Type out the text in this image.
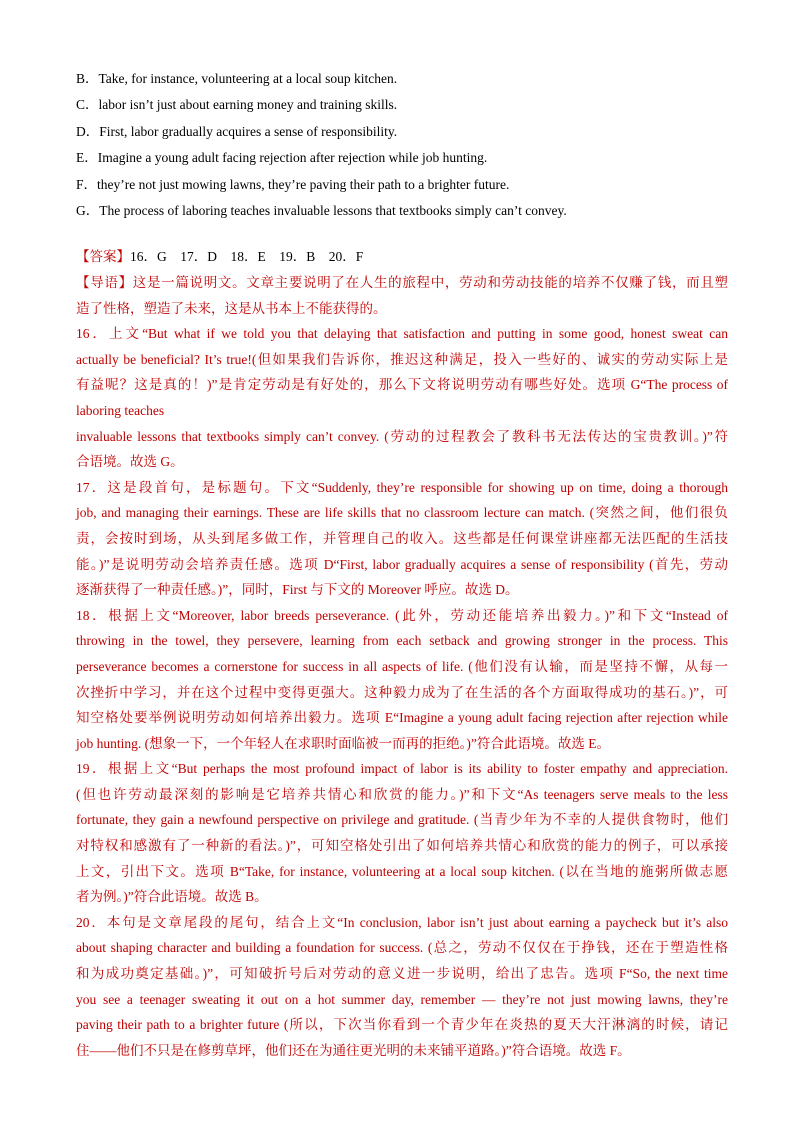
B．Take, for instance, volunteering at a local soup kitchen.
C．labor isn’t just about earning money and training skills.
D．First, labor gradually acquires a sense of responsibility.
E．Imagine a young adult facing rejection after rejection while job hunting.
F．they’re not just mowing lawns, they’re paving their path to a brighter future.
G．The process of laboring teaches invaluable lessons that textbooks simply can’t convey.
【答案】16．G　17．D　18．E　19．B　20．F
【导语】这是一篇说明文。文章主要说明了在人生的旅程中，劳动和劳动技能的培养不仅赚了钱，而且塑
造了性格，塑造了未来，这是从书本上不能获得的。
16．上文“But what if we told you that delaying that satisfaction and putting in some good, honest sweat can
actually be beneficial? It’s true!(但如果我们告诉你，推迟这种满足，投入一些好的、诚实的劳动实际上是
有益呢？这是真的！)”是肯定劳动是有好处的，那么下文将说明劳动有哪些好处。选项 G“The process of
laboring teaches
invaluable lessons that textbooks simply can’t convey. (劳动的过程教会了教科书无法传达的宝贵教训。)”符
合语境。故选 G。
17．这是段首句，是标题句。下文“Suddenly, they’re responsible for showing up on time, doing a thorough
job, and managing their earnings. These are life skills that no classroom lecture can match. (突然之间，他们很负
责，会按时到场，从头到尾多做工作，并管理自己的收入。这些都是任何课堂讲座都无法匹配的生活技
能。)”是说明劳动会培养责任感。选项 D“First, labor gradually acquires a sense of responsibility (首先，劳动
逐渐获得了一种责任感。)”，同时，First 与下文的 Moreover 呼应。故选 D。
18．根据上文“Moreover, labor breeds perseverance. (此外，劳动还能培养出毅力。)”和下文“Instead of
throwing in the towel, they persevere, learning from each setback and growing stronger in the process. This
perseverance becomes a cornerstone for success in all aspects of life. (他们没有认输，而是坚持不懈，从每一
次挫折中学习，并在这个过程中变得更强大。这种毅力成为了在生活的各个方面取得成功的基石。)”，可
知空格处要举例说明劳动如何培养出毅力。选项 E“Imagine a young adult facing rejection after rejection while
job hunting. (想象一下，一个年轻人在求职时面临被一而再的拒绝。)”符合此语境。故选 E。
19．根据上文“But perhaps the most profound impact of labor is its ability to foster empathy and appreciation.
(但也许劳动最深刻的影响是它培养共情心和欣赏的能力。)”和下文“As teenagers serve meals to the less
fortunate, they gain a newfound perspective on privilege and gratitude. (当青少年为不幸的人提供食物时，他们
对特权和感激有了一种新的看法。)”，可知空格处引出了如何培养共情心和欣赏的能力的例子，可以承接
上文，引出下文。选项 B“Take, for instance, volunteering at a local soup kitchen. (以在当地的施粥所做志愿
者为例。)”符合此语境。故选 B。
20．本句是文章尾段的尾句，结合上文“In conclusion, labor isn’t just about earning a paycheck but it’s also
about shaping character and building a foundation for success. (总之，劳动不仅仅在于挣钱，还在于塑造性格
和为成功奠定基础。)”，可知破折号后对劳动的意义进一步说明，给出了忠告。选项 F“So, the next time
you see a teenager sweating it out on a hot summer day, remember — they’re not just mowing lawns, they’re
paving their path to a brighter future (所以，下次当你看到一个青少年在炎热的夏天大汗淋漓的时候，请记
住——他们不只是在修剪草坪，他们还在为通往更光明的未来铺平道路。)”符合语境。故选 F。
